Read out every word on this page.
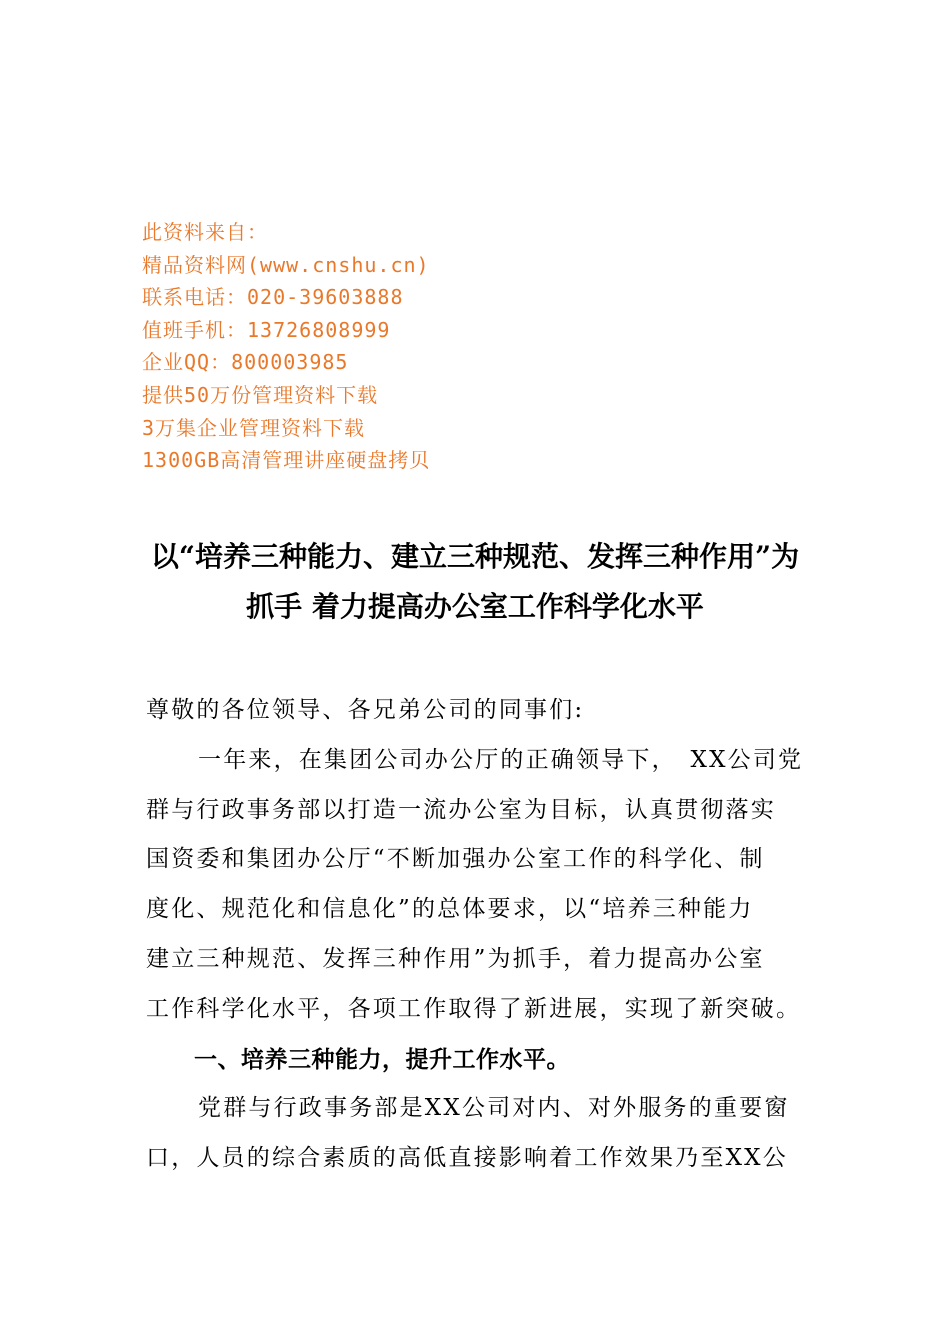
此资料来自：
精品资料网(www.cnshu.cn)
联系电话：020-39603888
值班手机：13726808999
企业QQ：800003985
提供50万份管理资料下载
3万集企业管理资料下载
1300GB高清管理讲座硬盘拷贝
以“培养三种能力、建立三种规范、发挥三种作用”为
抓手 着力提高办公室工作科学化水平
尊敬的各位领导、各兄弟公司的同事们:
一年来，在集团公司办公厅的正确领导下，　XX公司党
群与行政事务部以打造一流办公室为目标，认真贯彻落实
国资委和集团办公厅“不断加强办公室工作的科学化、制
度化、规范化和信息化”的总体要求，以“培养三种能力
建立三种规范、发挥三种作用”为抓手，着力提高办公室
工作科学化水平，各项工作取得了新进展，实现了新突破。
一、培养三种能力，提升工作水平。
党群与行政事务部是XX公司对内、对外服务的重要窗
口，人员的综合素质的高低直接影响着工作效果乃至XX公
